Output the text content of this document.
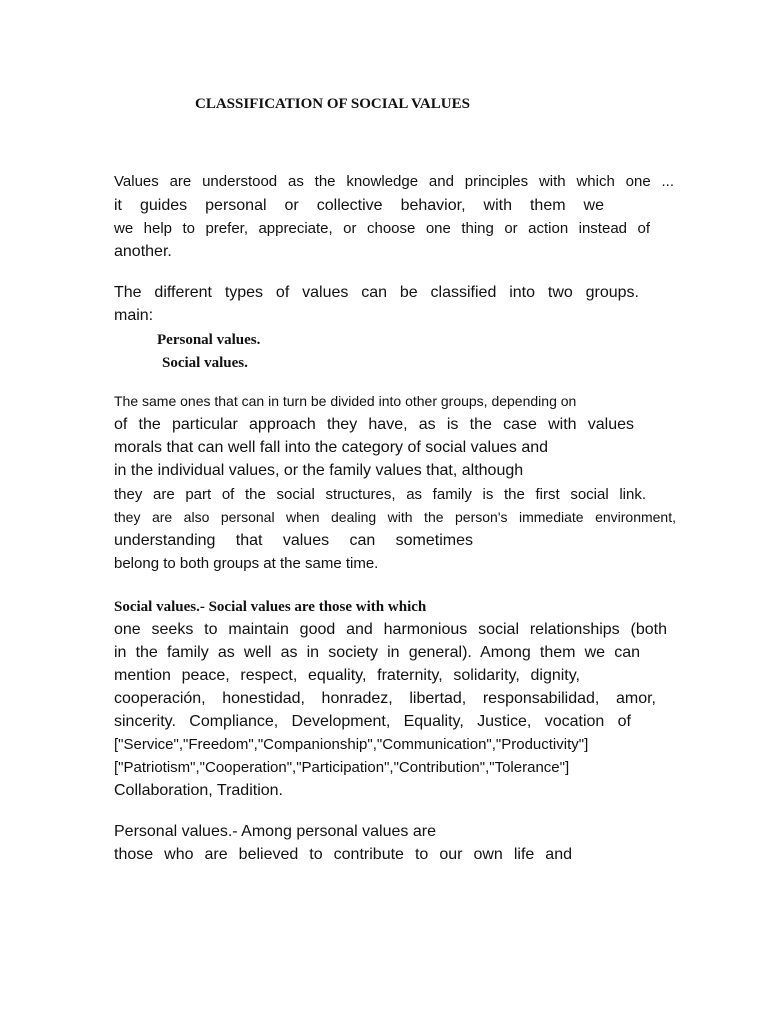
CLASSIFICATION OF SOCIAL VALUES
Values are understood as the knowledge and principles with which one ...
it guides personal or collective behavior, with them we
we help to prefer, appreciate, or choose one thing or action instead of
another.
The different types of values can be classified into two groups.
main:
Personal values.
Social values.
The same ones that can in turn be divided into other groups, depending on
of the particular approach they have, as is the case with values
morals that can well fall into the category of social values and
in the individual values, or the family values that, although
they are part of the social structures, as family is the first social link.
they are also personal when dealing with the person's immediate environment,
understanding that values can sometimes
belong to both groups at the same time.
Social values.- Social values are those with which
one seeks to maintain good and harmonious social relationships (both
in the family as well as in society in general). Among them we can
mention peace, respect, equality, fraternity, solidarity, dignity,
cooperación, honestidad, honradez, libertad, responsabilidad, amor,
sincerity. Compliance, Development, Equality, Justice, vocation of
["Service","Freedom","Companionship","Communication","Productivity"]
["Patriotism","Cooperation","Participation","Contribution","Tolerance"]
Collaboration, Tradition.
Personal values.- Among personal values are
those who are believed to contribute to our own life and
